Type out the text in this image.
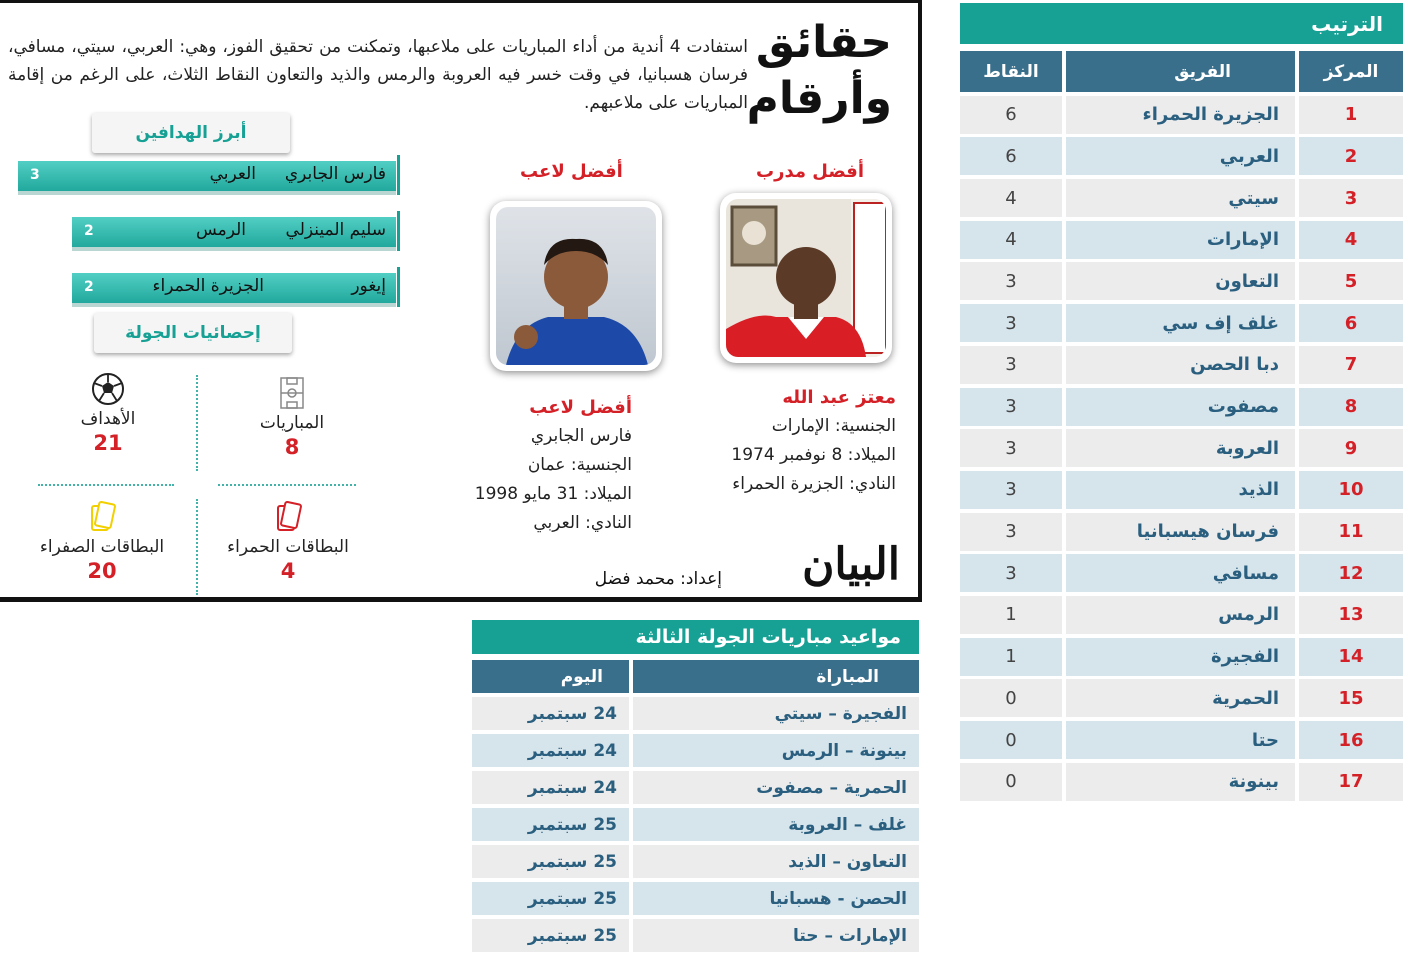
حقائق
وأرقام
استفادت 4 أندية من أداء المباريات على ملاعبها، وتمكنت من تحقيق الفوز، وهي: العربي، سيتي، مسافي، فرسان هسبانيا، في وقت خسر فيه العروبة والرمس والذيد والتعاون النقاط الثلاث، على الرغم من إقامة المباريات على ملاعبهم.
أبرز الهدافين
فارس الجابري
العربي
3
سليم المينزلي
الرمس
2
إيغور
الجزيرة الحمراء
2
إحصائيات الجولة
المباريات
8
الأهداف
21
البطاقات الحمراء
4
البطاقات الصفراء
20
أفضل مدرب
معتز عبد الله
الجنسية: الإمارات
الميلاد: 8 نوفمبر 1974
النادي: الجزيرة الحمراء
أفضل لاعب
أفضل لاعب
فارس الجابري
الجنسية: عمان
الميلاد: 31 مايو 1998
النادي: العربي
البيان
إعداد: محمد فضل
الترتيب
المركز
الفريق
النقاط
1
الجزيرة الحمراء
6
2
العربي
6
3
سيتي
4
4
الإمارات
4
5
التعاون
3
6
غلف إف سي
3
7
دبا الحصن
3
8
مصفوت
3
9
العروبة
3
10
الذيد
3
11
فرسان هيسبانيا
3
12
مسافي
3
13
الرمس
1
14
الفجيرة
1
15
الحمرية
0
16
حتا
0
17
بينونة
0
مواعيد مباريات الجولة الثالثة
المباراة
اليوم
الفجيرة – سيتي
24 سبتمبر
بينونة – الرمس
24 سبتمبر
الحمرية – مصفوت
24 سبتمبر
غلف – العروبة
25 سبتمبر
التعاون – الذيد
25 سبتمبر
الحصن - هسبانيا
25 سبتمبر
الإمارات – حتا
25 سبتمبر
